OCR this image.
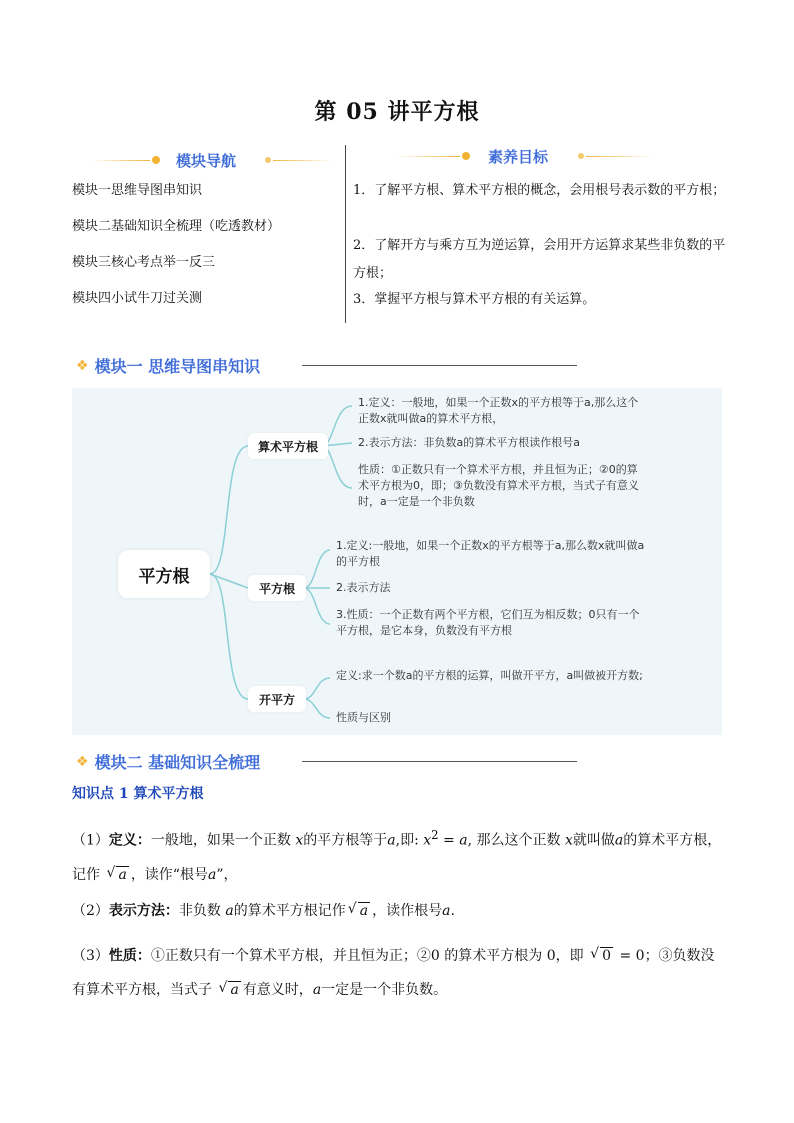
第 05 讲平方根
模块导航
模块一思维导图串知识
模块二基础知识全梳理（吃透教材）
模块三核心考点举一反三
模块四小试牛刀过关测
素养目标
1．了解平方根、算术平方根的概念，会用根号表示数的平方根；
2．了解开方与乘方互为逆运算，会用开方运算求某些非负数的平方根；
3．掌握平方根与算术平方根的有关运算。
❖ 模块一 思维导图串知识
平方根
算术平方根
平方根
开平方
1.定义：一般地，如果一个正数x的平方根等于a,那么这个正数x就叫做a的算术平方根，
2.表示方法：非负数a的算术平方根读作根号a
性质：①正数只有一个算术平方根，并且恒为正；②0的算术平方根为0，即；③负数没有算术平方根，当式子有意义时，a一定是一个非负数
1.定义:一般地，如果一个正数x的平方根等于a,那么数x就叫做a的平方根
2.表示方法
3.性质：一个正数有两个平方根，它们互为相反数；0只有一个平方根，是它本身，负数没有平方根
定义:求一个数a的平方根的运算，叫做开平方，a叫做被开方数;
性质与区别
❖ 模块二 基础知识全梳理
知识点 1 算术平方根
（1）定义：一般地，如果一个正数 x的平方根等于a,即: $x^2 = a$, 那么这个正数 x就叫做a的算术平方根，记作 √ a ，读作“根号a”，
（2）表示方法：非负数 a的算术平方根记作 √ a ，读作根号a.
（3）性质：①正数只有一个算术平方根，并且恒为正；②0 的算术平方根为 0，即 √ 0 = 0；③负数没有算术平方根，当式子 √ a 有意义时，a一定是一个非负数。
